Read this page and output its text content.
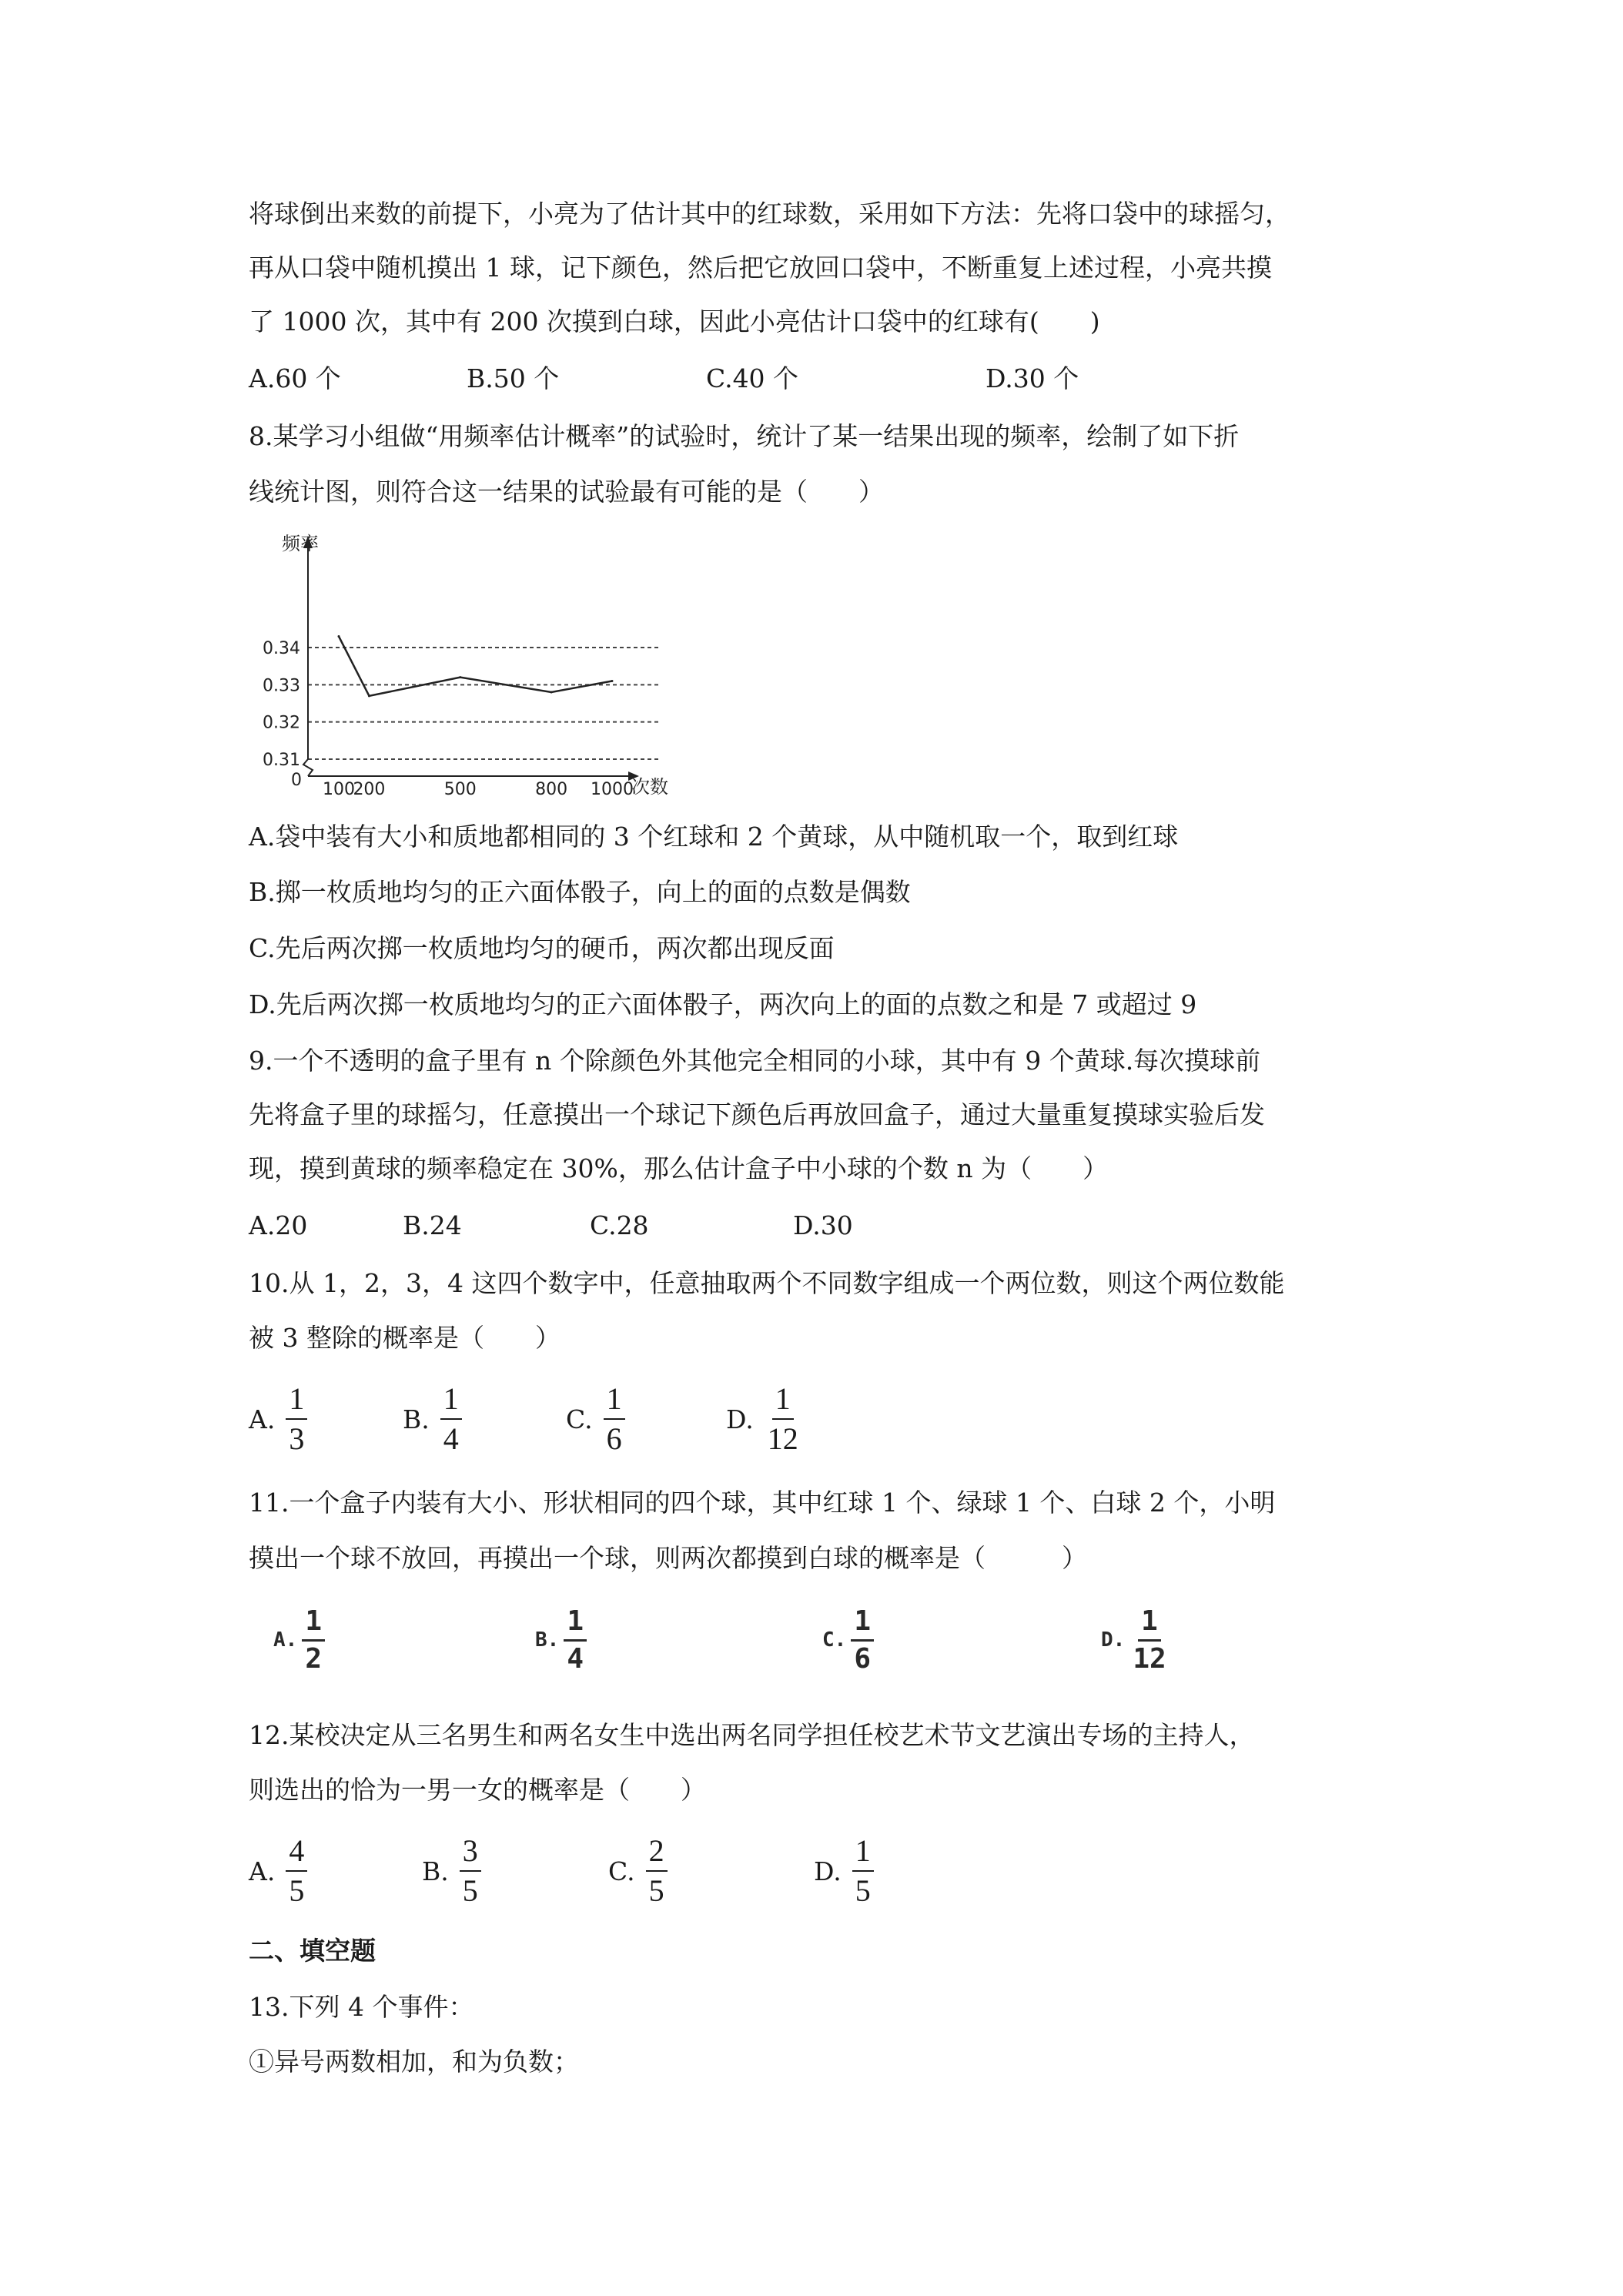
将球倒出来数的前提下，小亮为了估计其中的红球数，采用如下方法：先将口袋中的球摇匀，
再从口袋中随机摸出 1 球，记下颜色，然后把它放回口袋中，不断重复上述过程，小亮共摸
了 1000 次，其中有 200 次摸到白球，因此小亮估计口袋中的红球有(　　)
A.60 个	B.50 个	C.40 个	D.30 个
8.某学习小组做“用频率估计概率”的试验时，统计了某一结果出现的频率，绘制了如下折
线统计图，则符合这一结果的试验最有可能的是（　　）
0.34
0.33
0.32
0.31
频率
次数
0 100
200	500	800 1000
A.袋中装有大小和质地都相同的 3 个红球和 2 个黄球，从中随机取一个，取到红球
B.掷一枚质地均匀的正六面体骰子，向上的面的点数是偶数
C.先后两次掷一枚质地均匀的硬币，两次都出现反面
D.先后两次掷一枚质地均匀的正六面体骰子，两次向上的面的点数之和是 7 或超过 9
9.一个不透明的盒子里有 n 个除颜色外其他完全相同的小球，其中有 9 个黄球.每次摸球前
先将盒子里的球摇匀，任意摸出一个球记下颜色后再放回盒子，通过大量重复摸球实验后发
现，摸到黄球的频率稳定在 30%，那么估计盒子中小球的个数 n 为（　　）
A.20	B.24	C.28	D.30
10.从 1，2，3，4 这四个数字中，任意抽取两个不同数字组成一个两位数，则这个两位数能
被 3 整除的概率是（　　）
A. $\frac{1}{3}$	B. $\frac{1}{4}$	C. $\frac{1}{6}$	D. $\frac{1}{12}$
11.一个盒子内装有大小、形状相同的四个球，其中红球 1 个、绿球 1 个、白球 2 个，小明
摸出一个球不放回，再摸出一个球，则两次都摸到白球的概率是（　　　）
A. $\frac{1}{2}$	B. $\frac{1}{4}$	C. $\frac{1}{6}$	D. $\frac{1}{12}$
12.某校决定从三名男生和两名女生中选出两名同学担任校艺术节文艺演出专场的主持人，
则选出的恰为一男一女的概率是（　　）
A. $\frac{4}{5}$	B. $\frac{3}{5}$	C. $\frac{2}{5}$	D. $\frac{1}{5}$
二、填空题
13.下列 4 个事件：
①异号两数相加，和为负数；
